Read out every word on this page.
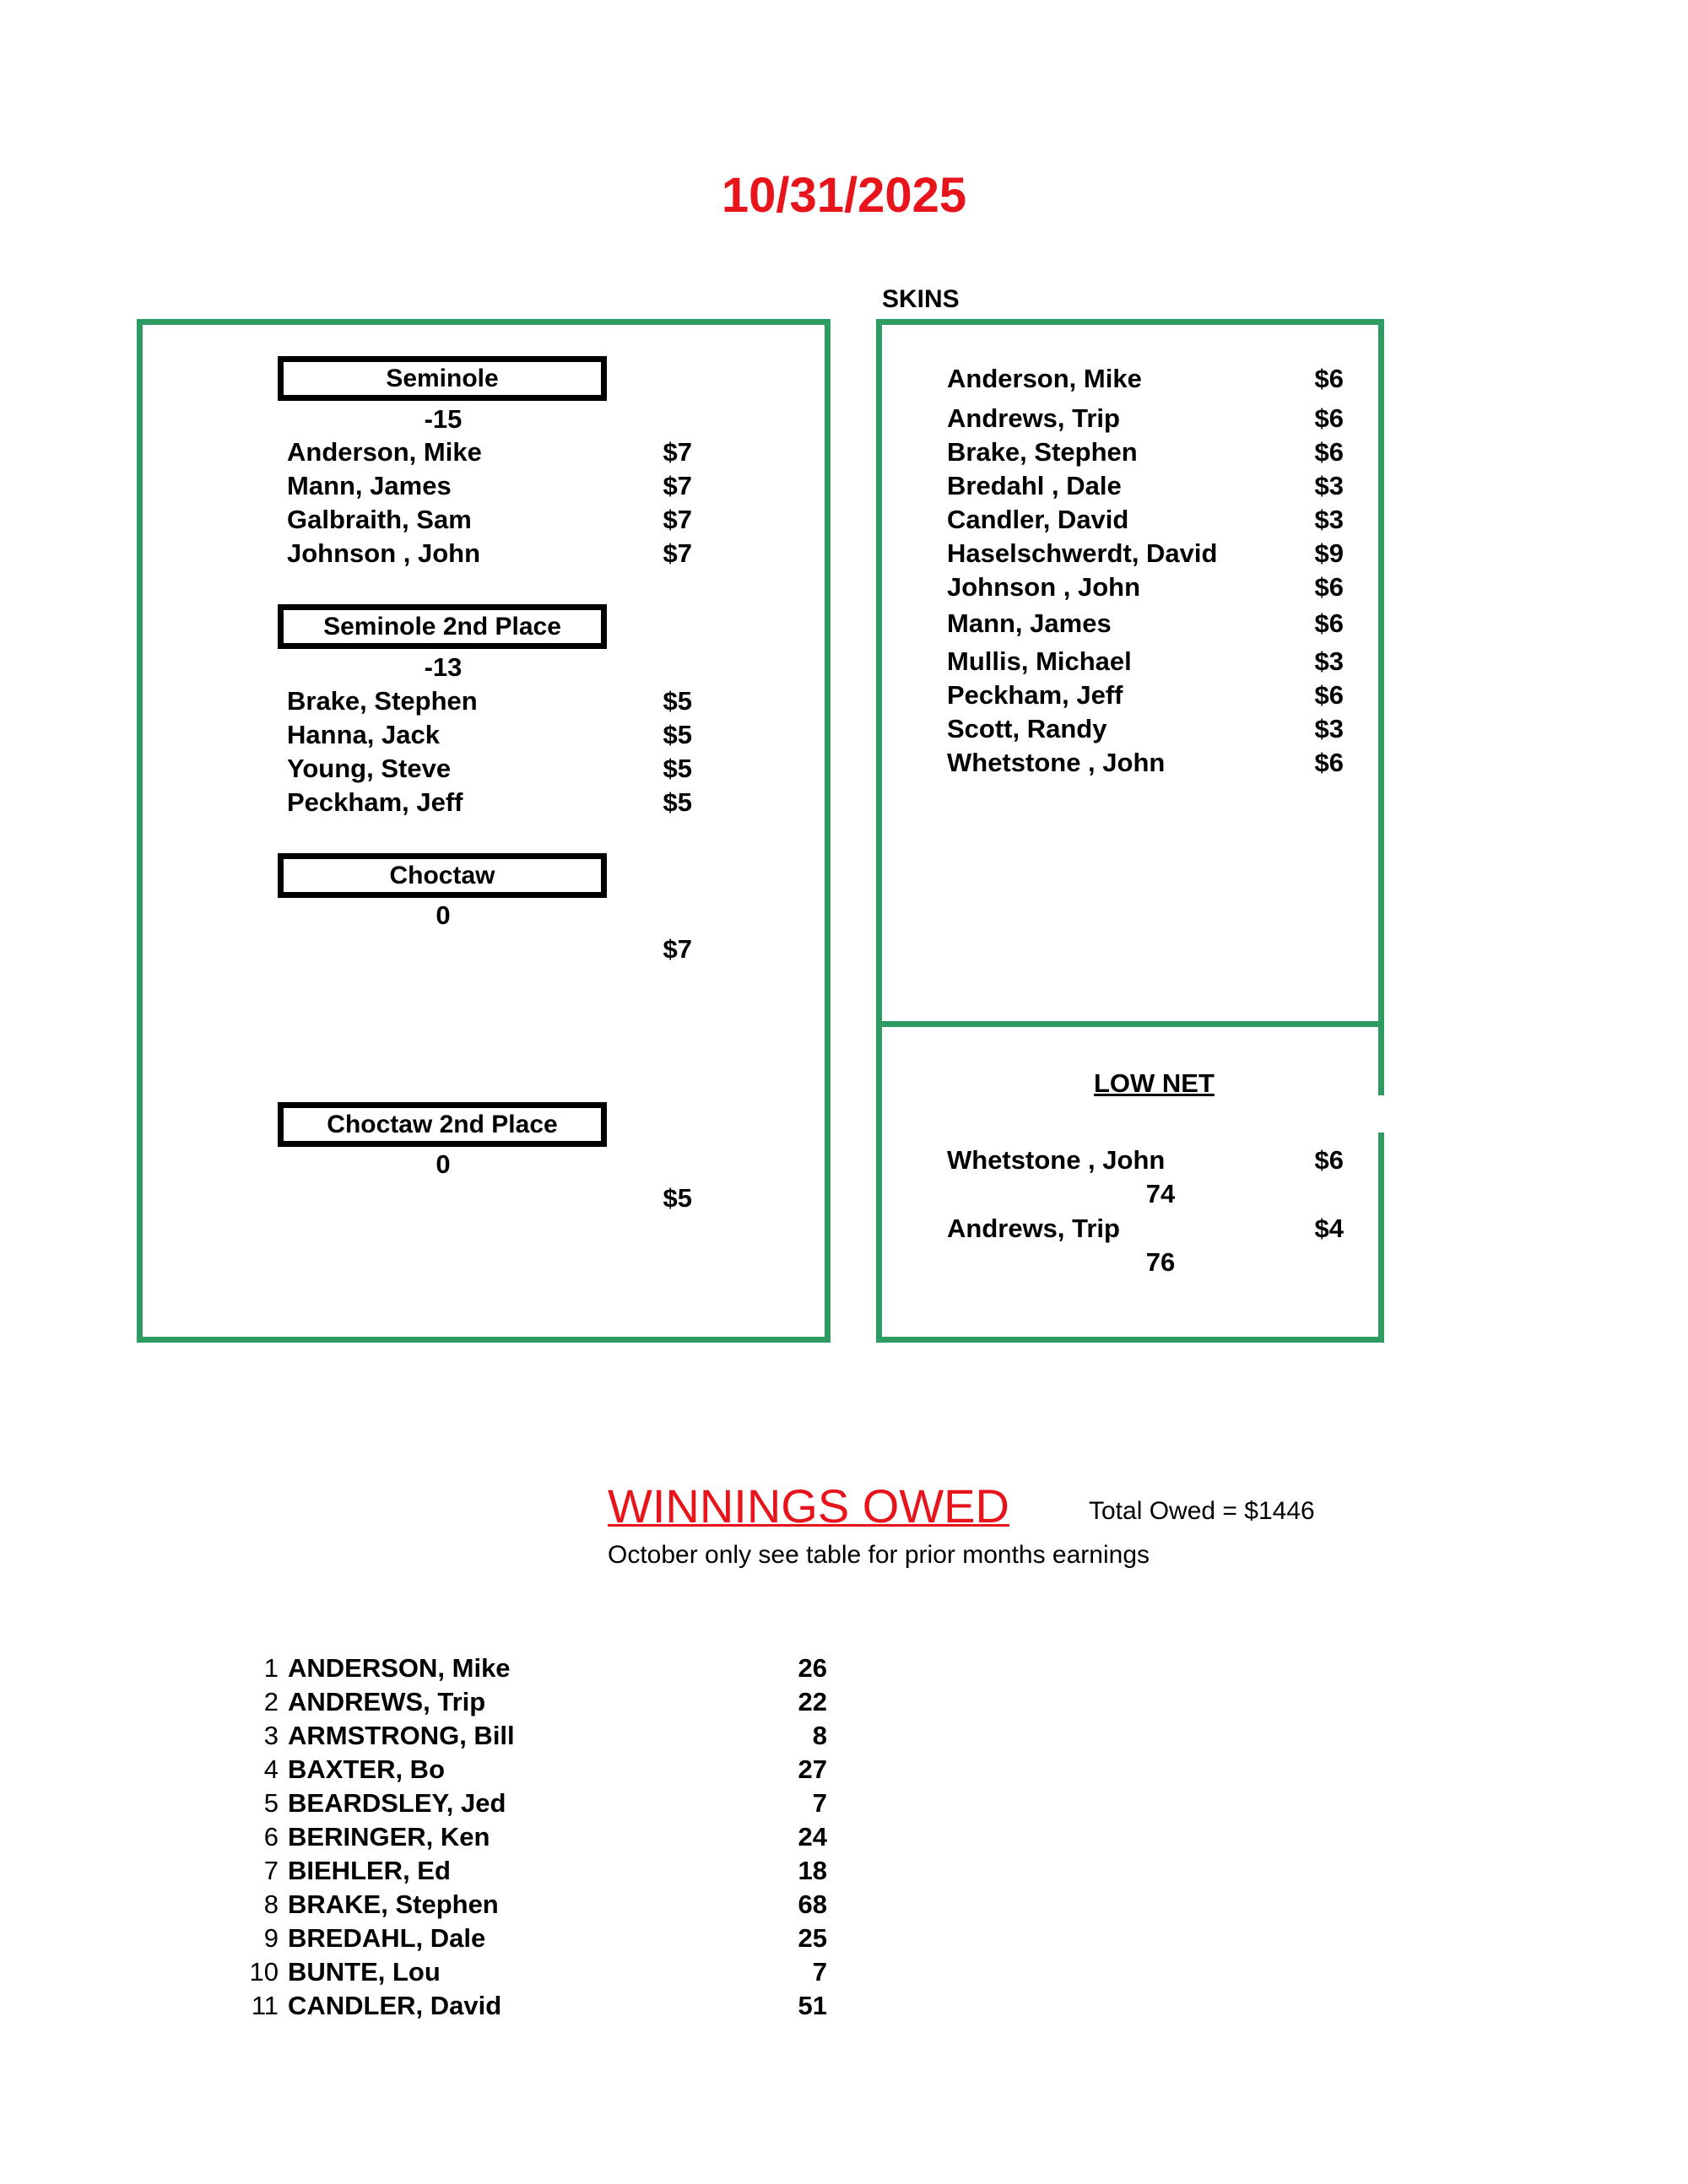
10/31/2025
SKINS
Seminole
-15
Anderson, Mike	$7
Mann, James	$7
Galbraith, Sam	$7
Johnson , John	$7
Seminole 2nd Place
-13
Brake, Stephen	$5
Hanna, Jack	$5
Young, Steve	$5
Peckham, Jeff	$5
Choctaw
0
$7
Choctaw 2nd Place
0
$5
Anderson, Mike	$6
Andrews, Trip	$6
Brake, Stephen	$6
Bredahl , Dale	$3
Candler, David	$3
Haselschwerdt, David	$9
Johnson , John	$6
Mann, James	$6
Mullis, Michael	$3
Peckham, Jeff	$6
Scott, Randy	$3
Whetstone , John	$6
LOW NET
Whetstone , John	$6
74
Andrews, Trip	$4
76
WINNINGS OWED	Total Owed = $1446
October only see table for prior months earnings
1 ANDERSON, Mike	26
2 ANDREWS, Trip	22
3 ARMSTRONG, Bill	8
4 BAXTER, Bo	27
5 BEARDSLEY, Jed	7
6 BERINGER, Ken	24
7 BIEHLER, Ed	18
8 BRAKE, Stephen	68
9 BREDAHL, Dale	25
10 BUNTE, Lou	7
11 CANDLER, David	51
